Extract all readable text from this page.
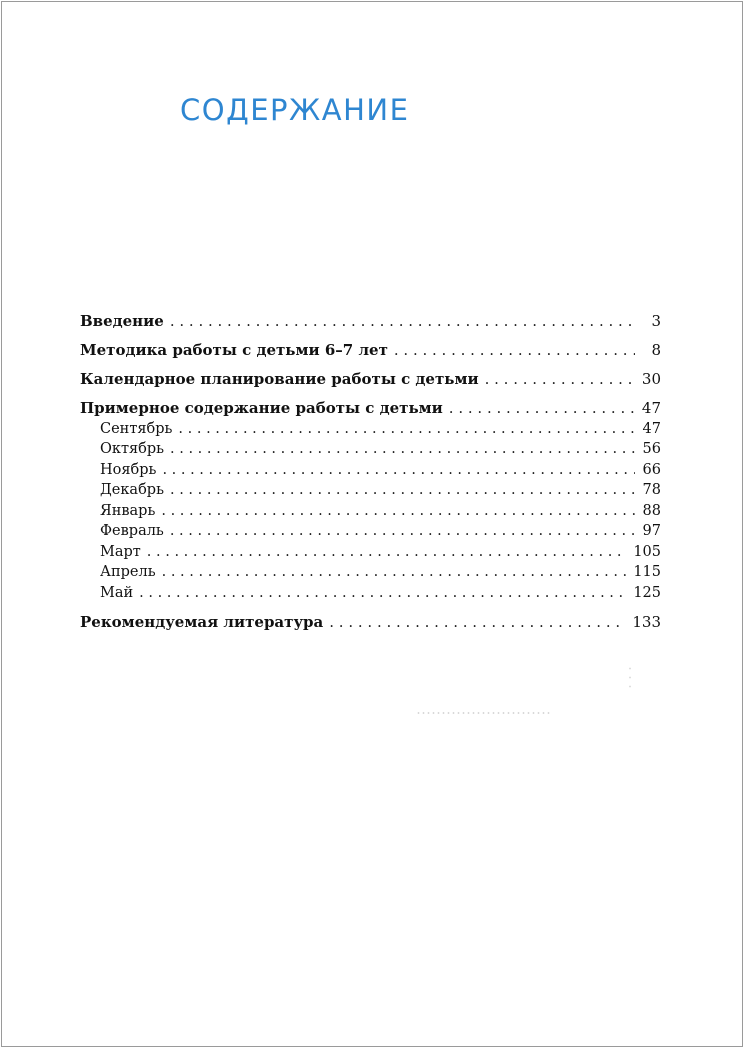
СОДЕРЖАНИЕ
Введение . . .	3
Методика работы с детьми 6–7 лет . . .	8
Календарное планирование работы с детьми . . .	30
Примерное содержание работы с детьми . . .	47
Сентябрь . . .	47
Октябрь . . .	56
Ноябрь . . .	66
Декабрь . . .	78
Январь . . .	88
Февраль . . .	97
Март . . .	105
Апрель . . .	115
Май . . .	125
Рекомендуемая литература . . .	133
